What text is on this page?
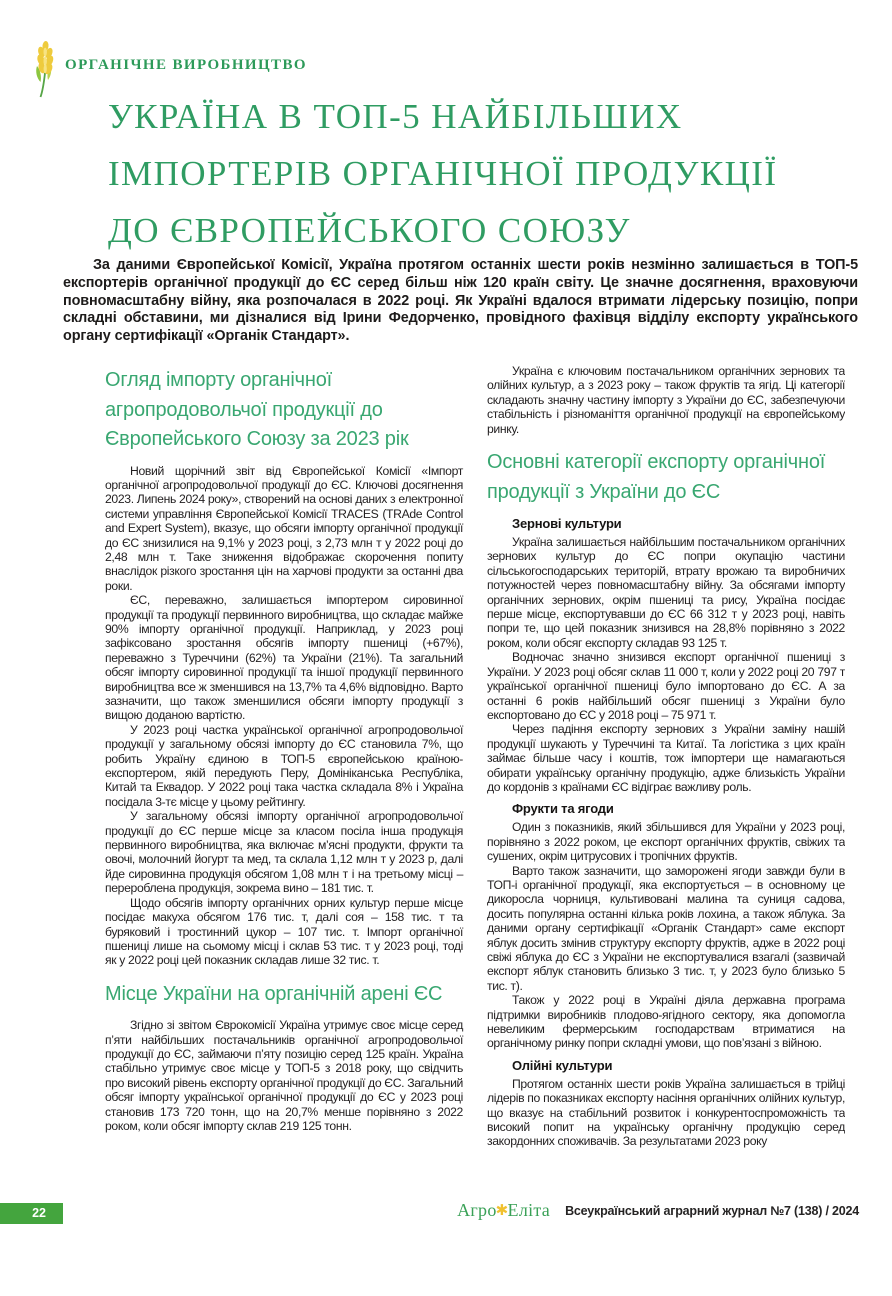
ОРГАНІЧНЕ ВИРОБНИЦТВО
УКРАЇНА В ТОП-5 НАЙБІЛЬШИХ
ІМПОРТЕРІВ ОРГАНІЧНОЇ ПРОДУКЦІЇ
ДО ЄВРОПЕЙСЬКОГО СОЮЗУ

За даними Європейської Комісії, Україна протягом останніх шести років незмінно залишається в ТОП-5 експортерів органічної продукції до ЄС серед більш ніж 120 країн світу. Це значне досягнення, враховуючи повномасштабну війну, яка розпочалася в 2022 році. Як Україні вдалося втримати лідерську позицію, попри складні обставини, ми дізналися від Ірини Федорченко, провідного фахівця відділу експорту українського органу сертифікації «Органік Стандарт».

Огляд імпорту органічної агропродовольчої продукції до Європейського Союзу за 2023 рік

Новий щорічний звіт від Європейської Комісії «Імпорт органічної агропродовольчої продукції до ЄС. Ключові досягнення 2023. Липень 2024 року», створений на основі даних з електронної системи управління Європейської Комісії TRACES (TRAde Control and Expert System), вказує, що обсяги імпорту органічної продукції до ЄС знизилися на 9,1% у 2023 році, з 2,73 млн т у 2022 році до 2,48 млн т. Таке зниження відображає скорочення попиту внаслідок різкого зростання цін на харчові продукти за останні два роки.

ЄС, переважно, залишається імпортером сировинної продукції та продукції первинного виробництва, що складає майже 90% імпорту органічної продукції. Наприклад, у 2023 році зафіксовано зростання обсягів імпорту пшениці (+67%), переважно з Туреччини (62%) та України (21%). Та загальний обсяг імпорту сировинної продукції та іншої продукції первинного виробництва все ж зменшився на 13,7% та 4,6% відповідно. Варто зазначити, що також зменшилися обсяги імпорту продукції з вищою доданою вартістю.

У 2023 році частка української органічної агропродовольчої продукції у загальному обсязі імпорту до ЄС становила 7%, що робить Україну єдиною в ТОП-5 європейською країною-експортером, якій передують Перу, Домініканська Республіка, Китай та Еквадор. У 2022 році така частка складала 8% і Україна посідала 3-тє місце у цьому рейтингу.

У загальному обсязі імпорту органічної агропродовольчої продукції до ЄС перше місце за класом посіла інша продукція первинного виробництва, яка включає м’ясні продукти, фрукти та овочі, молочний йогурт та мед, та склала 1,12 млн т у 2023 р, далі йде сировинна продукція обсягом 1,08 млн т і на третьому місці – перероблена продукція, зокрема вино – 181 тис. т.

Щодо обсягів імпорту органічних орних культур перше місце посідає макуха обсягом 176 тис. т, далі соя – 158 тис. т та буряковий і тростинний цукор – 107 тис. т. Імпорт органічної пшениці лише на сьомому місці і склав 53 тис. т у 2023 році, тоді як у 2022 році цей показник складав лише 32 тис. т.

Місце України на органічній арені ЄС

Згідно зі звітом Єврокомісії Україна утримує своє місце серед п’яти найбільших постачальників органічної агропродовольчої продукції до ЄС, займаючи п’яту позицію серед 125 країн. Україна стабільно утримує своє місце у ТОП-5 з 2018 року, що свідчить про високий рівень експорту органічної продукції до ЄС. Загальний обсяг імпорту української органічної продукції до ЄС у 2023 році становив 173 720 тонн, що на 20,7% менше порівняно з 2022 роком, коли обсяг імпорту склав 219 125 тонн.

Україна є ключовим постачальником органічних зернових та олійних культур, а з 2023 року – також фруктів та ягід. Ці категорії складають значну частину імпорту з України до ЄС, забезпечуючи стабільність і різноманіття органічної продукції на європейському ринку.

Основні категорії експорту органічної продукції з України до ЄС
Зернові культури

Україна залишається найбільшим постачальником органічних зернових культур до ЄС попри окупацію частини сільськогосподарських територій, втрату врожаю та виробничих потужностей через повномасштабну війну. За обсягами імпорту органічних зернових, окрім пшениці та рису, Україна посідає перше місце, експортувавши до ЄС 66 312 т у 2023 році, навіть попри те, що цей показник знизився на 28,8% порівняно з 2022 роком, коли обсяг експорту складав 93 125 т.

Водночас значно знизився експорт органічної пшениці з України. У 2023 році обсяг склав 11 000 т, коли у 2022 році 20 797 т української органічної пшениці було імпортовано до ЄС. А за останні 6 років найбільший обсяг пшениці з України було експортовано до ЄС у 2018 році – 75 971 т.

Через падіння експорту зернових з України заміну нашій продукції шукають у Туреччині та Китаї. Та логістика з цих країн займає більше часу і коштів, тож імпортери ще намагаються обирати українську органічну продукцію, адже близькість України до кордонів з країнами ЄС відіграє важливу роль.

Фрукти та ягоди

Один з показників, який збільшився для України у 2023 році, порівняно з 2022 роком, це експорт органічних фруктів, свіжих та сушених, окрім цитрусових і тропічних фруктів.

Варто також зазначити, що заморожені ягоди завжди були в ТОП-і органічної продукції, яка експортується – в основному це дикоросла чорниця, культивовані малина та суниця садова, досить популярна останні кілька років лохина, а також яблука. За даними органу сертифікації «Органік Стандарт» саме експорт яблук досить змінив структуру експорту фруктів, адже в 2022 році свіжі яблука до ЄС з України не експортувалися взагалі (зазвичай експорт яблук становить близько 3 тис. т, у 2023 було близько 5 тис. т).

Також у 2022 році в Україні діяла державна програма підтримки виробників плодово-ягідного сектору, яка допомогла невеликим фермерським господарствам втриматися на органічному ринку попри складні умови, що пов’язані з війною.

Олійні культури

Протягом останніх шести років Україна залишається в трійці лідерів по показниках експорту насіння органічних олійних культур, що вказує на стабільний розвиток і конкурентоспроможність та високий попит на українську органічну продукцію серед закордонних споживачів. За результатами 2023 року

22	Агро✱Еліта Всеукраїнський аграрний журнал №7 (138) / 2024
